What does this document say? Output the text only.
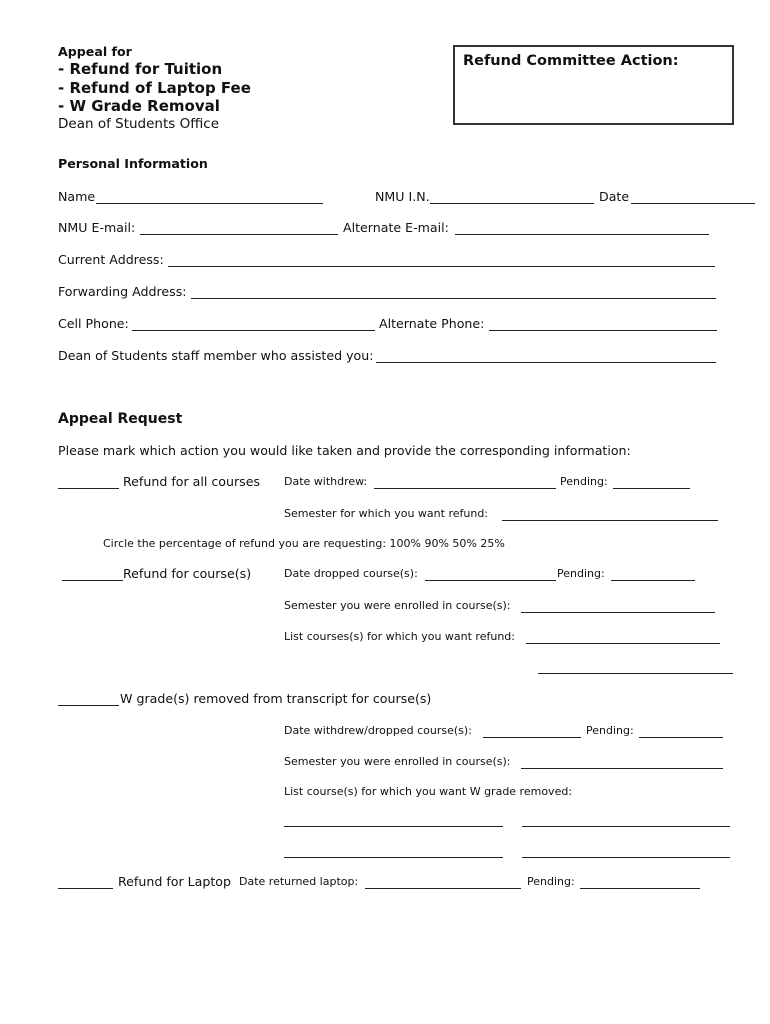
Appeal for
- Refund for Tuition
- Refund of Laptop Fee
- W Grade Removal
Dean of Students Office
Refund Committee Action:
Personal Information
Name	NMU I.N.	Date
NMU E-mail:	Alternate E-mail:
Current Address:
Forwarding Address:
Cell Phone:	Alternate Phone:
Dean of Students staff member who assisted you:
Appeal Request
Please mark which action you would like taken and provide the corresponding information:
Refund for all courses Date withdrew:	Pending:
Semester for which you want refund:
Circle the percentage of refund you are requesting: 100% 90% 50% 25%
Refund for course(s)	Date dropped course(s):	Pending:
Semester you were enrolled in course(s):
List courses(s) for which you want refund:
W grade(s) removed from transcript for course(s)
Date withdrew/dropped course(s):	Pending:
Semester you were enrolled in course(s):
List course(s) for which you want W grade removed:
Refund for Laptop Date returned laptop:	Pending:
